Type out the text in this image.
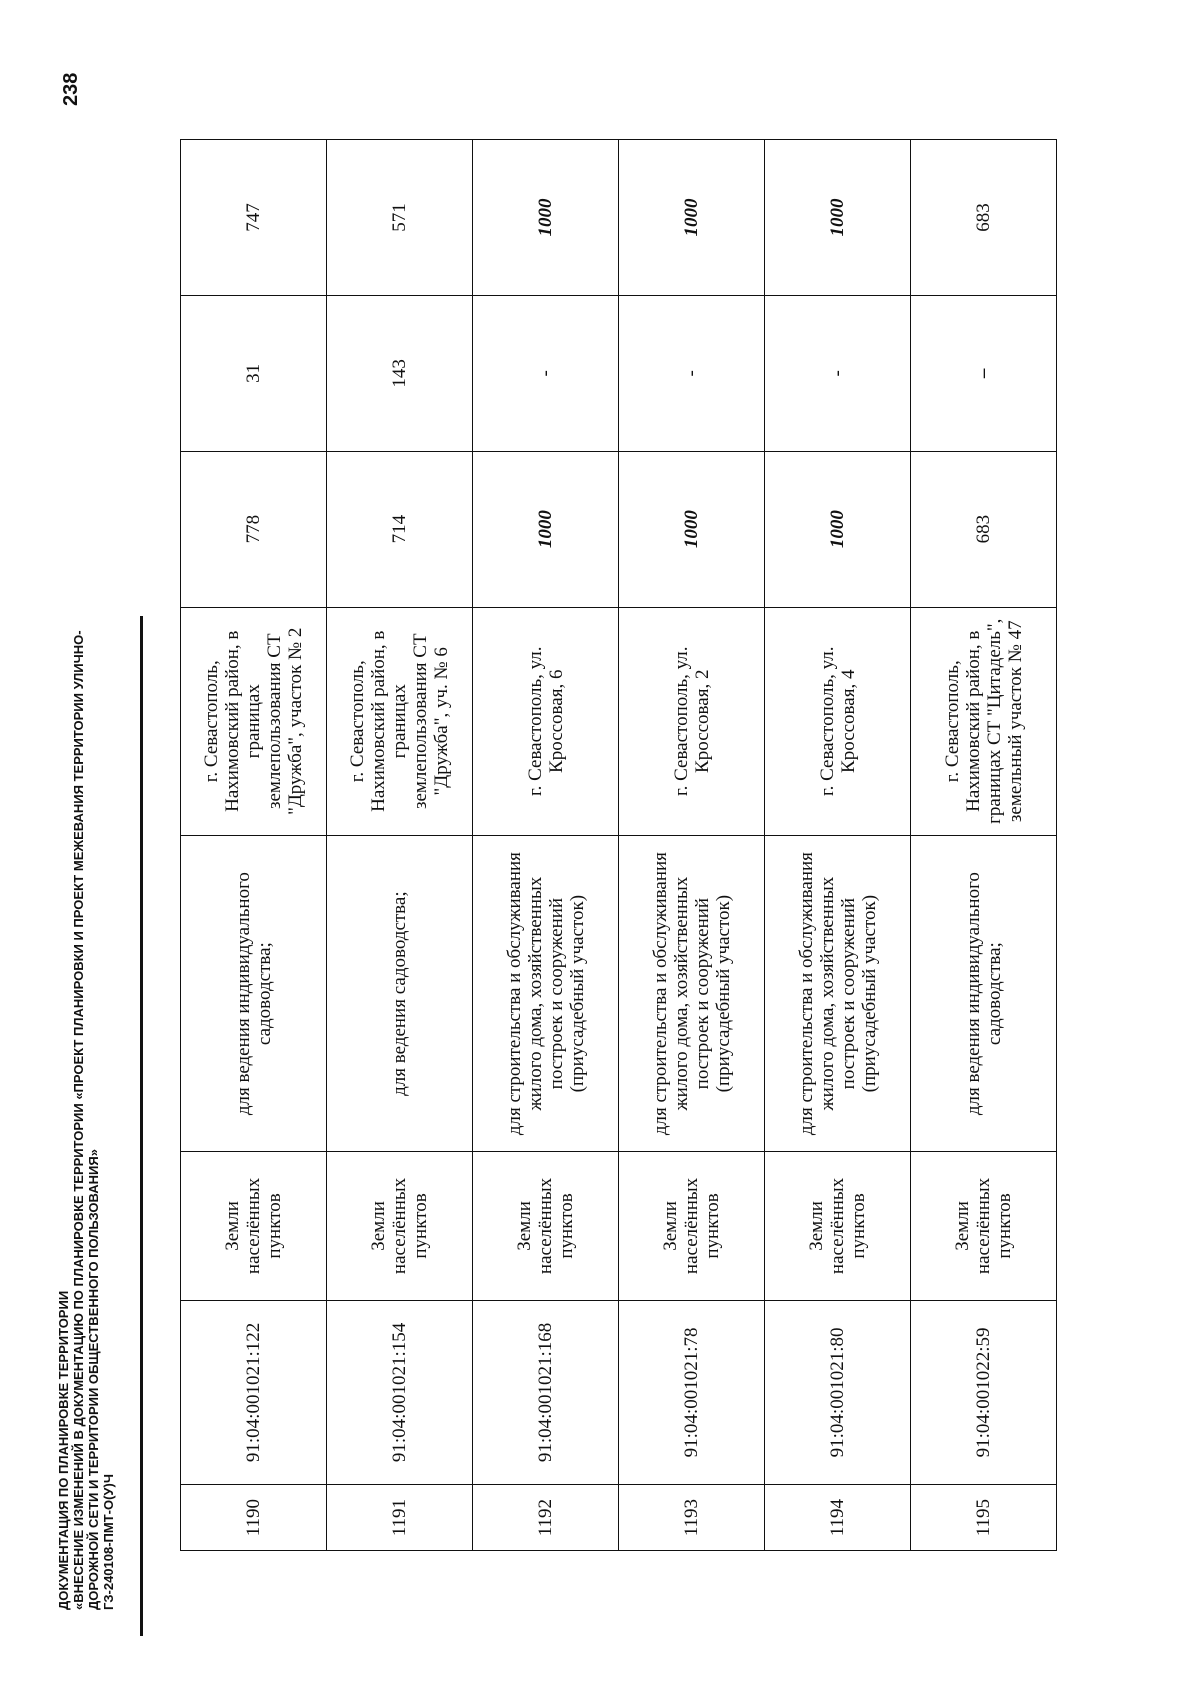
ДОКУМЕНТАЦИЯ ПО ПЛАНИРОВКЕ ТЕРРИТОРИИ «ВНЕСЕНИЕ ИЗМЕНЕНИЙ В ДОКУМЕНТАЦИЮ ПО ПЛАНИРОВКЕ ТЕРРИТОРИИ «ПРОЕКТ ПЛАНИРОВКИ И ПРОЕКТ МЕЖЕВАНИЯ ТЕРРИТОРИИ УЛИЧНО- ДОРОЖНОЙ СЕТИ И ТЕРРИТОРИИ ОБЩЕСТВЕННОГО ПОЛЬЗОВАНИЯ» ГЗ-240108-ПМТ-О(У)Ч
238
1190	91:04:001021:122	Земли населённых пунктов	для ведения индивидуального садоводства;	г. Севастополь, Нахимовский район, в границах землепользования СТ "Дружба", участок № 2	778	31	747
1191	91:04:001021:154	Земли населённых пунктов	для ведения садоводства;	г. Севастополь, Нахимовский район, в границах землепользования СТ "Дружба", уч. № 6	714	143	571
1192	91:04:001021:168	Земли населённых пунктов	для строительства и обслуживания жилого дома, хозяйственных построек и сооружений (приусадебный участок)	г. Севастополь, ул. Кроссовая, 6	1000	-	1000
1193	91:04:001021:78	Земли населённых пунктов	для строительства и обслуживания жилого дома, хозяйственных построек и сооружений (приусадебный участок)	г. Севастополь, ул. Кроссовая, 2	1000	-	1000
1194	91:04:001021:80	Земли населённых пунктов	для строительства и обслуживания жилого дома, хозяйственных построек и сооружений (приусадебный участок)	г. Севастополь, ул. Кроссовая, 4	1000	-	1000
1195	91:04:001022:59	Земли населённых пунктов	для ведения индивидуального садоводства;	г. Севастополь, Нахимовский район, в границах СТ "Цитадель", земельный участок № 47	683	–	683
